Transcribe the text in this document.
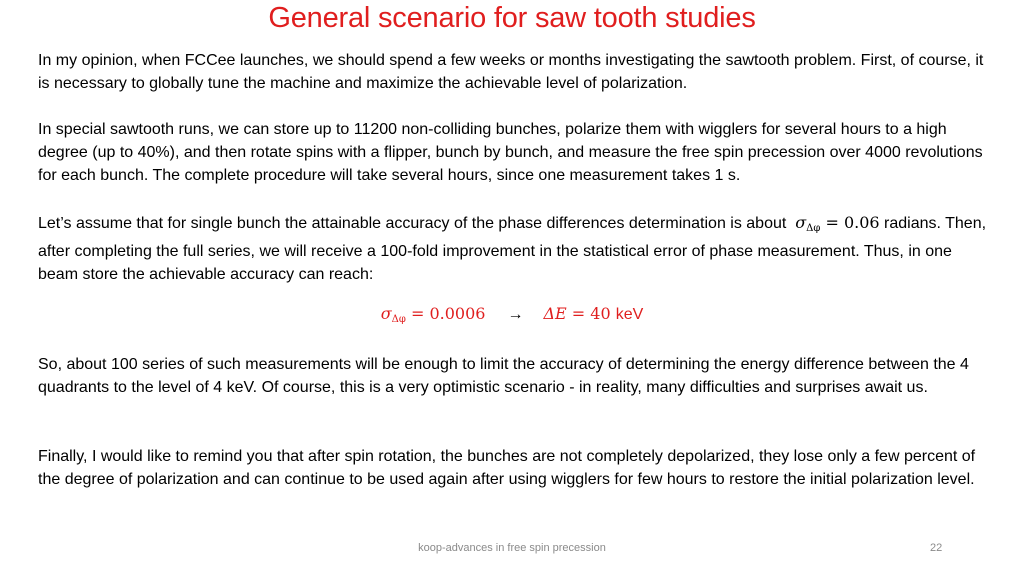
General scenario for saw tooth studies

In my opinion, when FCCee launches, we should spend a few weeks or months investigating the sawtooth problem. First, of course, it is necessary to globally tune the machine and maximize the achievable level of polarization.

In special sawtooth runs, we can store up to 11200 non-colliding bunches, polarize them with wigglers for several hours to a high degree (up to 40%), and then rotate spins with a flipper, bunch by bunch, and measure the free spin precession over 4000 revolutions for each bunch. The complete procedure will take several hours, since one measurement takes 1 s.

Let’s assume that for single bunch the attainable accuracy of the phase differences determination is about $\sigma_{\Delta\varphi} = 0.06$ radians. Then, after completing the full series, we will receive a 100-fold improvement in the statistical error of phase measurement. Thus, in one beam store the achievable accuracy can reach:

$\sigma_{\Delta\varphi} = 0.0006 \to \Delta E = 40$ keV

So, about 100 series of such measurements will be enough to limit the accuracy of determining the energy difference between the 4 quadrants to the level of 4 keV. Of course, this is a very optimistic scenario - in reality, many difficulties and surprises await us.

Finally, I would like to remind you that after spin rotation, the bunches are not completely depolarized, they lose only a few percent of the degree of polarization and can continue to be used again after using wigglers for few hours to restore the initial polarization level.

koop-advances in free spin precession	22
